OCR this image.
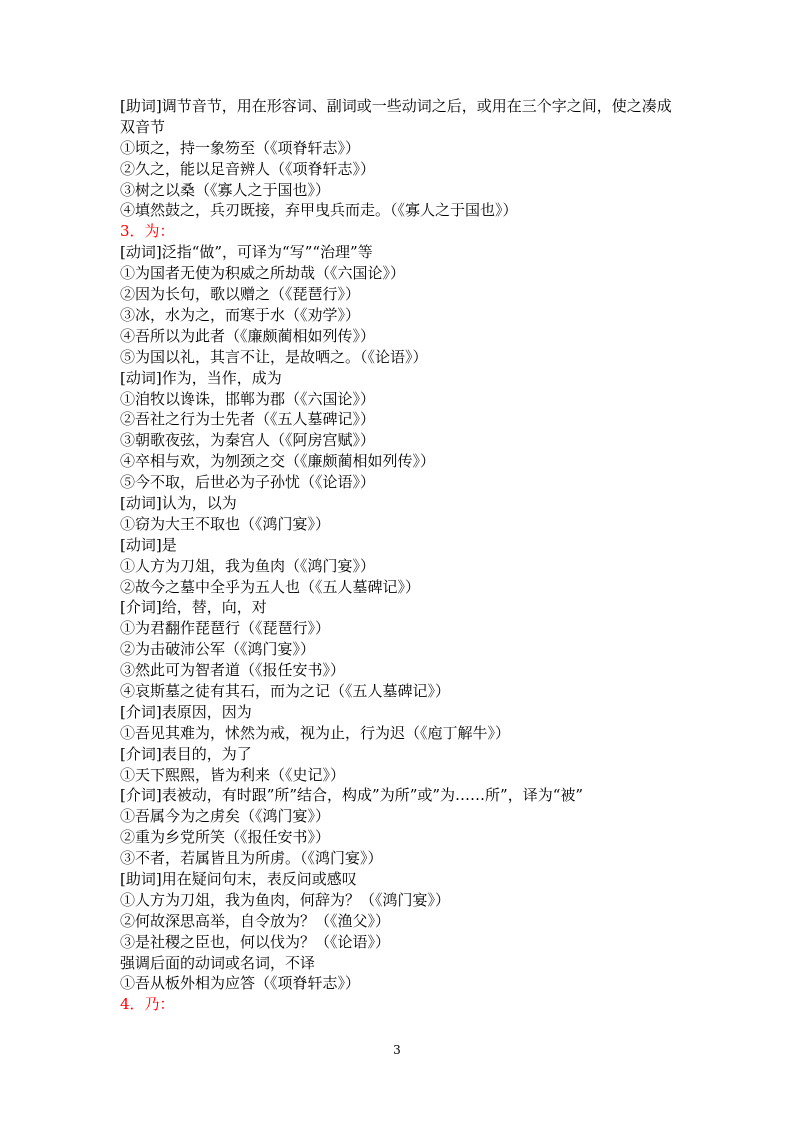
[助词]调节音节，用在形容词、副词或一些动词之后，或用在三个字之间，使之凑成双音节
①顷之，持一象笏至（《项脊轩志》）
②久之，能以足音辨人（《项脊轩志》）
③树之以桑（《寡人之于国也》）
④填然鼓之，兵刃既接，弃甲曳兵而走。（《寡人之于国也》）
3．为：
[动词]泛指“做”，可译为“写”“治理”等
①为国者无使为积威之所劫哉（《六国论》）
②因为长句，歌以赠之（《琵琶行》）
③冰，水为之，而寒于水（《劝学》）
④吾所以为此者（《廉颇蔺相如列传》）
⑤为国以礼，其言不让，是故哂之。（《论语》）
[动词]作为，当作，成为
①洎牧以谗诛，邯郸为郡（《六国论》）
②吾社之行为士先者（《五人墓碑记》）
③朝歌夜弦，为秦宫人（《阿房宫赋》）
④卒相与欢，为刎颈之交（《廉颇蔺相如列传》）
⑤今不取，后世必为子孙忧（《论语》）
[动词]认为，以为
①窃为大王不取也（《鸿门宴》）
[动词]是
①人方为刀俎，我为鱼肉（《鸿门宴》）
②故今之墓中全乎为五人也（《五人墓碑记》）
[介词]给，替，向，对
①为君翻作琵琶行（《琵琶行》）
②为击破沛公军（《鸿门宴》）
③然此可为智者道（《报任安书》）
④哀斯墓之徒有其石，而为之记（《五人墓碑记》）
[介词]表原因，因为
①吾见其难为，怵然为戒，视为止，行为迟（《庖丁解牛》）
[介词]表目的，为了
①天下熙熙，皆为利来（《史记》）
[介词]表被动，有时跟”所”结合，构成”为所”或”为……所”，译为“被”
①吾属今为之虏矣（《鸿门宴》）
②重为乡党所笑（《报任安书》）
③不者，若属皆且为所虏。（《鸿门宴》）
[助词]用在疑问句末，表反问或感叹
①人方为刀俎，我为鱼肉，何辞为？（《鸿门宴》）
②何故深思高举，自令放为？（《渔父》）
③是社稷之臣也，何以伐为？（《论语》）
强调后面的动词或名词，不译
①吾从板外相为应答（《项脊轩志》）
4．乃：
3
